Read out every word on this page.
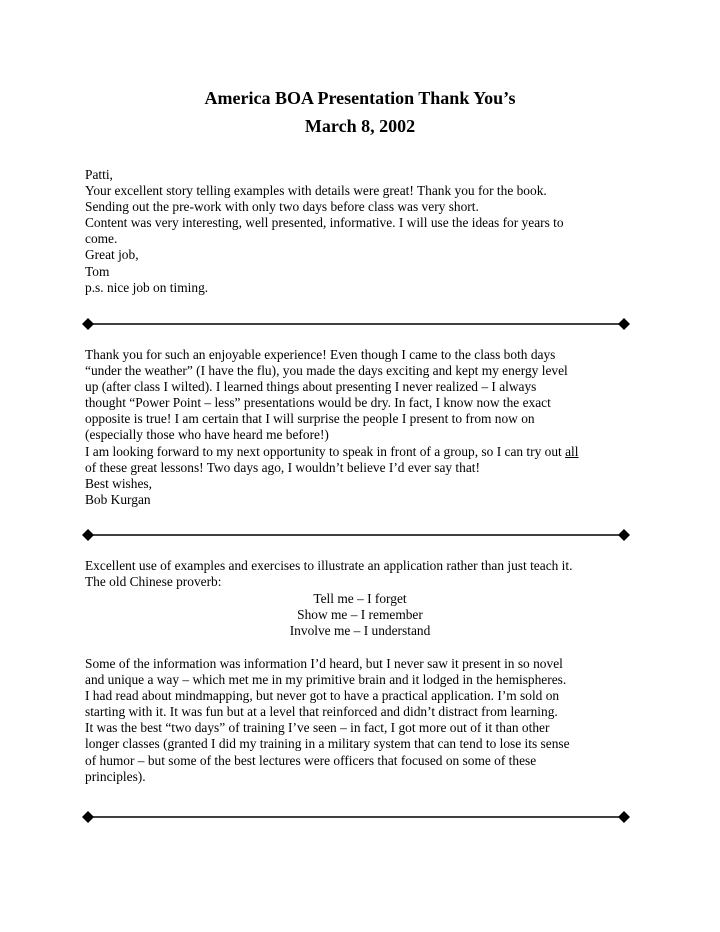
America BOA Presentation Thank You’s
March 8, 2002
Patti,
Your excellent story telling examples with details were great! Thank you for the book.
Sending out the pre-work with only two days before class was very short.
Content was very interesting, well presented, informative. I will use the ideas for years to
come.
Great job,
Tom
p.s. nice job on timing.
Thank you for such an enjoyable experience! Even though I came to the class both days
“under the weather” (I have the flu), you made the days exciting and kept my energy level
up (after class I wilted). I learned things about presenting I never realized – I always
thought “Power Point – less” presentations would be dry. In fact, I know now the exact
opposite is true! I am certain that I will surprise the people I present to from now on
(especially those who have heard me before!)
I am looking forward to my next opportunity to speak in front of a group, so I can try out all
of these great lessons! Two days ago, I wouldn’t believe I’d ever say that!
Best wishes,
Bob Kurgan
Excellent use of examples and exercises to illustrate an application rather than just teach it.
The old Chinese proverb:
Tell me – I forget
Show me – I remember
Involve me – I understand
Some of the information was information I’d heard, but I never saw it present in so novel
and unique a way – which met me in my primitive brain and it lodged in the hemispheres.
I had read about mindmapping, but never got to have a practical application. I’m sold on
starting with it. It was fun but at a level that reinforced and didn’t distract from learning.
It was the best “two days” of training I’ve seen – in fact, I got more out of it than other
longer classes (granted I did my training in a military system that can tend to lose its sense
of humor – but some of the best lectures were officers that focused on some of these
principles).
